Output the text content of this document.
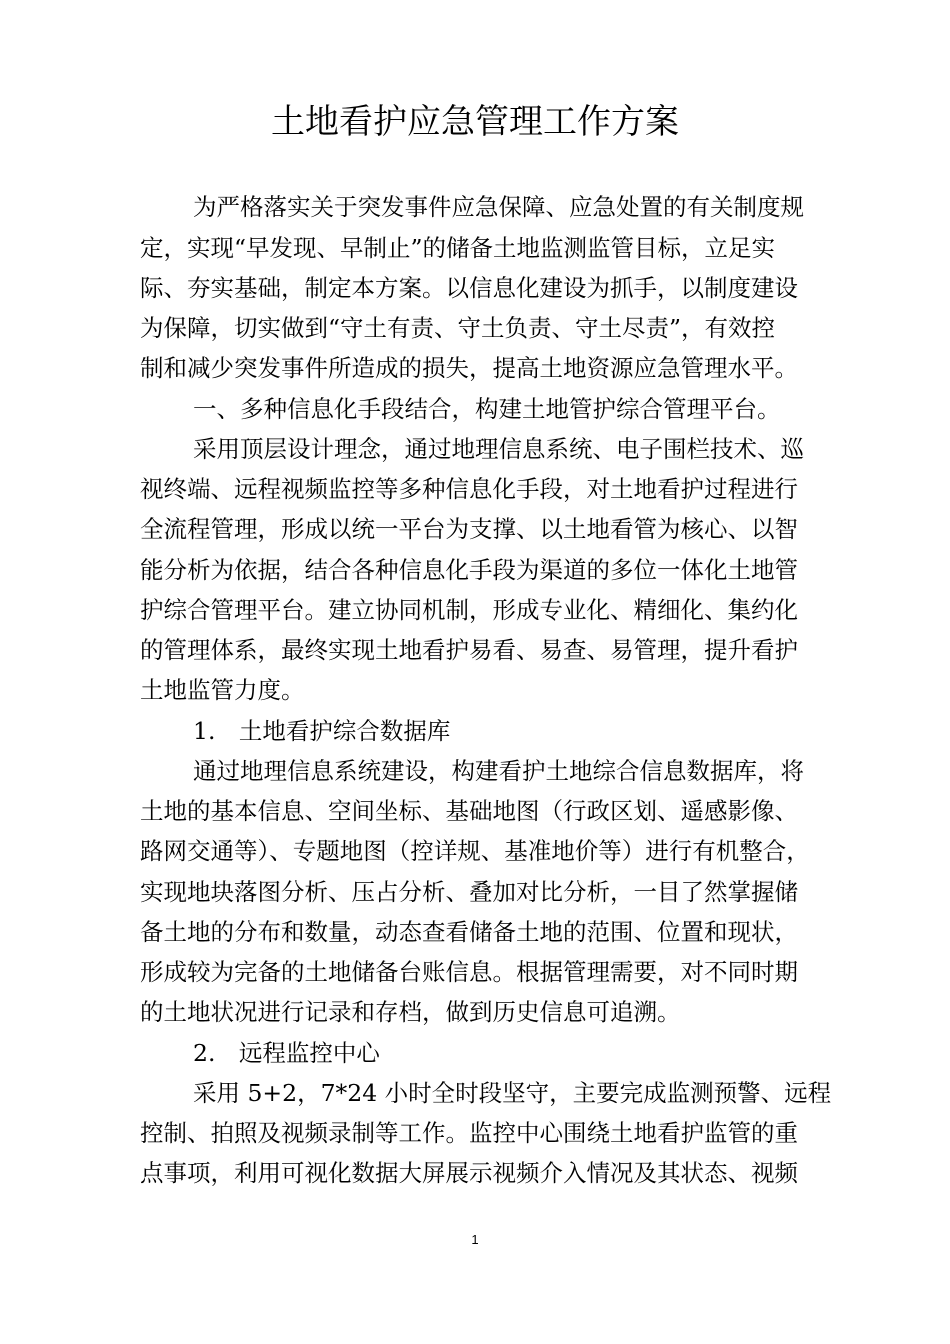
土地看护应急管理工作方案
为严格落实关于突发事件应急保障、应急处置的有关制度规
定，实现“早发现、早制止”的储备土地监测监管目标，立足实
际、夯实基础，制定本方案。以信息化建设为抓手，以制度建设
为保障，切实做到“守土有责、守土负责、守土尽责”，有效控
制和减少突发事件所造成的损失，提高土地资源应急管理水平。
一、多种信息化手段结合，构建土地管护综合管理平台。
采用顶层设计理念，通过地理信息系统、电子围栏技术、巡
视终端、远程视频监控等多种信息化手段，对土地看护过程进行
全流程管理，形成以统一平台为支撑、以土地看管为核心、以智
能分析为依据，结合各种信息化手段为渠道的多位一体化土地管
护综合管理平台。建立协同机制，形成专业化、精细化、集约化
的管理体系，最终实现土地看护易看、易查、易管理，提升看护
土地监管力度。
1.　土地看护综合数据库
通过地理信息系统建设，构建看护土地综合信息数据库，将
土地的基本信息、空间坐标、基础地图（行政区划、遥感影像、
路网交通等）、专题地图（控详规、基准地价等）进行有机整合，
实现地块落图分析、压占分析、叠加对比分析，一目了然掌握储
备土地的分布和数量，动态查看储备土地的范围、位置和现状，
形成较为完备的土地储备台账信息。根据管理需要，对不同时期
的土地状况进行记录和存档，做到历史信息可追溯。
2.　远程监控中心
采用 5+2，7*24 小时全时段坚守，主要完成监测预警、远程
控制、拍照及视频录制等工作。监控中心围绕土地看护监管的重
点事项，利用可视化数据大屏展示视频介入情况及其状态、视频
1
